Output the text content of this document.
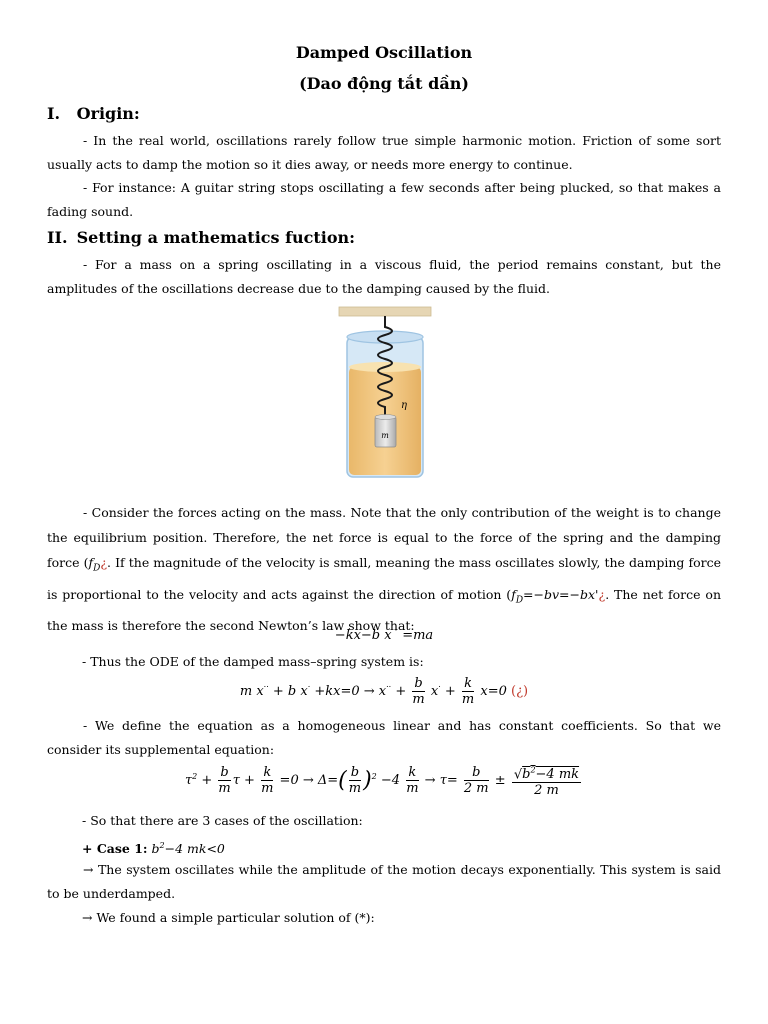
Damped Oscillation
(Dao động tắt dần)
I. Origin:
- In the real world, oscillations rarely follow true simple harmonic motion. Friction of some sort usually acts to damp the motion so it dies away, or needs more energy to continue.
- For instance: A guitar string stops oscillating a few seconds after being plucked, so that makes a fading sound.
II. Setting a mathematics fuction:
- For a mass on a spring oscillating in a viscous fluid, the period remains constant, but the amplitudes of the oscillations decrease due to the damping caused by the fluid.
m
η
- Consider the forces acting on the mass. Note that the only contribution of the weight is to change the equilibrium position. Therefore, the net force is equal to the force of the spring and the damping force ($f_D¿$. If the magnitude of the velocity is small, meaning the mass oscillates slowly, the damping force is proportional to the velocity and acts against the direction of motion ($f_D=-bv=-bx'¿$. The net force on the mass is therefore the second Newton’s law show that:
−kx−b x˙ =ma
- Thus the ODE of the damped mass–spring system is:
m x·· + b $x^\cdot +kx=0 \to x^{\cdot\cdot} + \frac{b}{m} x^\cdot + \frac{k}{m} x=0$ (¿)
- We define the equation as a homogeneous linear and has constant coefficients. So that we consider its supplemental equation:
$\tau^2 + \frac{b}{m}$ $\tau + \frac{k}{m} =0 \to \Delta=( \frac{b}{m} )^2 -4 \frac{k}{m} \to \tau= \frac{b}{2 m} \pm \frac{√b^2-4 mk}{2 m}$
- So that there are 3 cases of the oscillation:
+ Case 1: $b^2-4$ mk<0
→ The system oscillates while the amplitude of the motion decays exponentially. This system is said to be underdamped.
→ We found a simple particular solution of (*):
